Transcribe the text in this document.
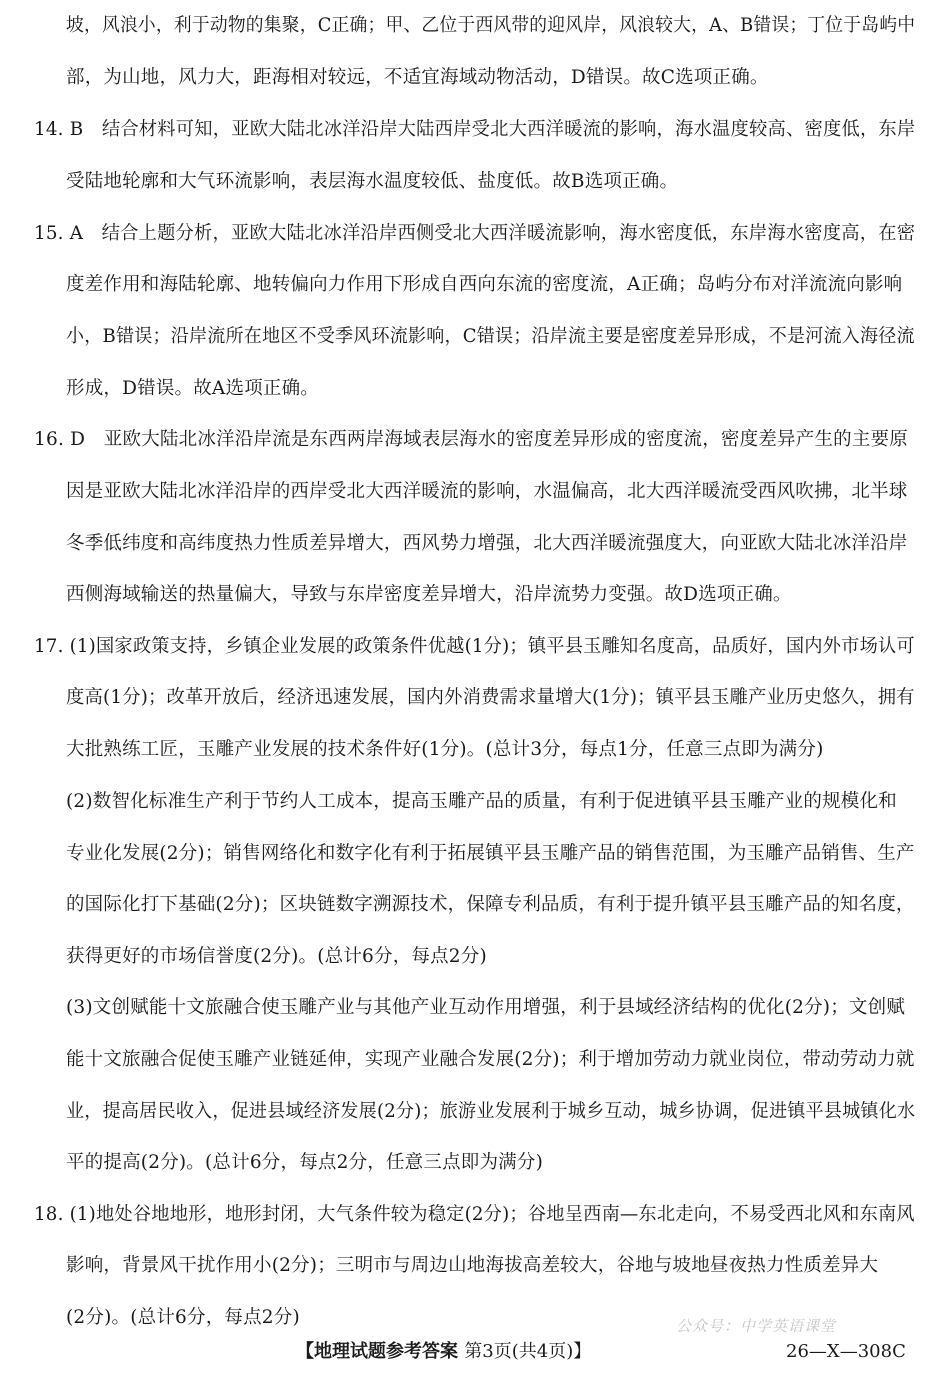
坡，风浪小，利于动物的集聚，C正确；甲、乙位于西风带的迎风岸，风浪较大，A、B错误；丁位于岛屿中
部，为山地，风力大，距海相对较远，不适宜海域动物活动，D错误。故C选项正确。
14. B　结合材料可知，亚欧大陆北冰洋沿岸大陆西岸受北大西洋暖流的影响，海水温度较高、密度低，东岸
受陆地轮廓和大气环流影响，表层海水温度较低、盐度低。故B选项正确。
15. A　结合上题分析，亚欧大陆北冰洋沿岸西侧受北大西洋暖流影响，海水密度低，东岸海水密度高，在密
度差作用和海陆轮廓、地转偏向力作用下形成自西向东流的密度流，A正确；岛屿分布对洋流流向影响
小，B错误；沿岸流所在地区不受季风环流影响，C错误；沿岸流主要是密度差异形成，不是河流入海径流
形成，D错误。故A选项正确。
16. D　亚欧大陆北冰洋沿岸流是东西两岸海域表层海水的密度差异形成的密度流，密度差异产生的主要原
因是亚欧大陆北冰洋沿岸的西岸受北大西洋暖流的影响，水温偏高，北大西洋暖流受西风吹拂，北半球
冬季低纬度和高纬度热力性质差异增大，西风势力增强，北大西洋暖流强度大，向亚欧大陆北冰洋沿岸
西侧海域输送的热量偏大，导致与东岸密度差异增大，沿岸流势力变强。故D选项正确。
17. (1)国家政策支持，乡镇企业发展的政策条件优越(1分)；镇平县玉雕知名度高，品质好，国内外市场认可
度高(1分)；改革开放后，经济迅速发展，国内外消费需求量增大(1分)；镇平县玉雕产业历史悠久，拥有
大批熟练工匠，玉雕产业发展的技术条件好(1分)。(总计3分，每点1分，任意三点即为满分)
(2)数智化标准生产利于节约人工成本，提高玉雕产品的质量，有利于促进镇平县玉雕产业的规模化和
专业化发展(2分)；销售网络化和数字化有利于拓展镇平县玉雕产品的销售范围，为玉雕产品销售、生产
的国际化打下基础(2分)；区块链数字溯源技术，保障专利品质，有利于提升镇平县玉雕产品的知名度，
获得更好的市场信誉度(2分)。(总计6分，每点2分)
(3)文创赋能十文旅融合使玉雕产业与其他产业互动作用增强，利于县域经济结构的优化(2分)；文创赋
能十文旅融合促使玉雕产业链延伸，实现产业融合发展(2分)；利于增加劳动力就业岗位，带动劳动力就
业，提高居民收入，促进县域经济发展(2分)；旅游业发展利于城乡互动，城乡协调，促进镇平县城镇化水
平的提高(2分)。(总计6分，每点2分，任意三点即为满分)
18. (1)地处谷地地形，地形封闭，大气条件较为稳定(2分)；谷地呈西南—东北走向，不易受西北风和东南风
影响，背景风干扰作用小(2分)；三明市与周边山地海拔高差较大，谷地与坡地昼夜热力性质差异大
(2分)。(总计6分，每点2分)	公众号：中学英语课堂
【地理试题参考答案 第3页(共4页)】	26—X—308C
